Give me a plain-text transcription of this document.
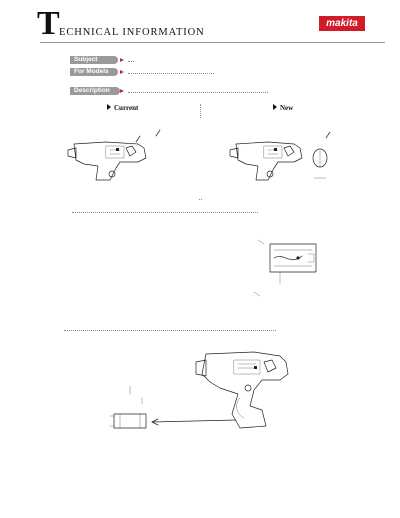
T ECHNICAL INFORMATION
makita
Subject
For Models
Description
Current	New
